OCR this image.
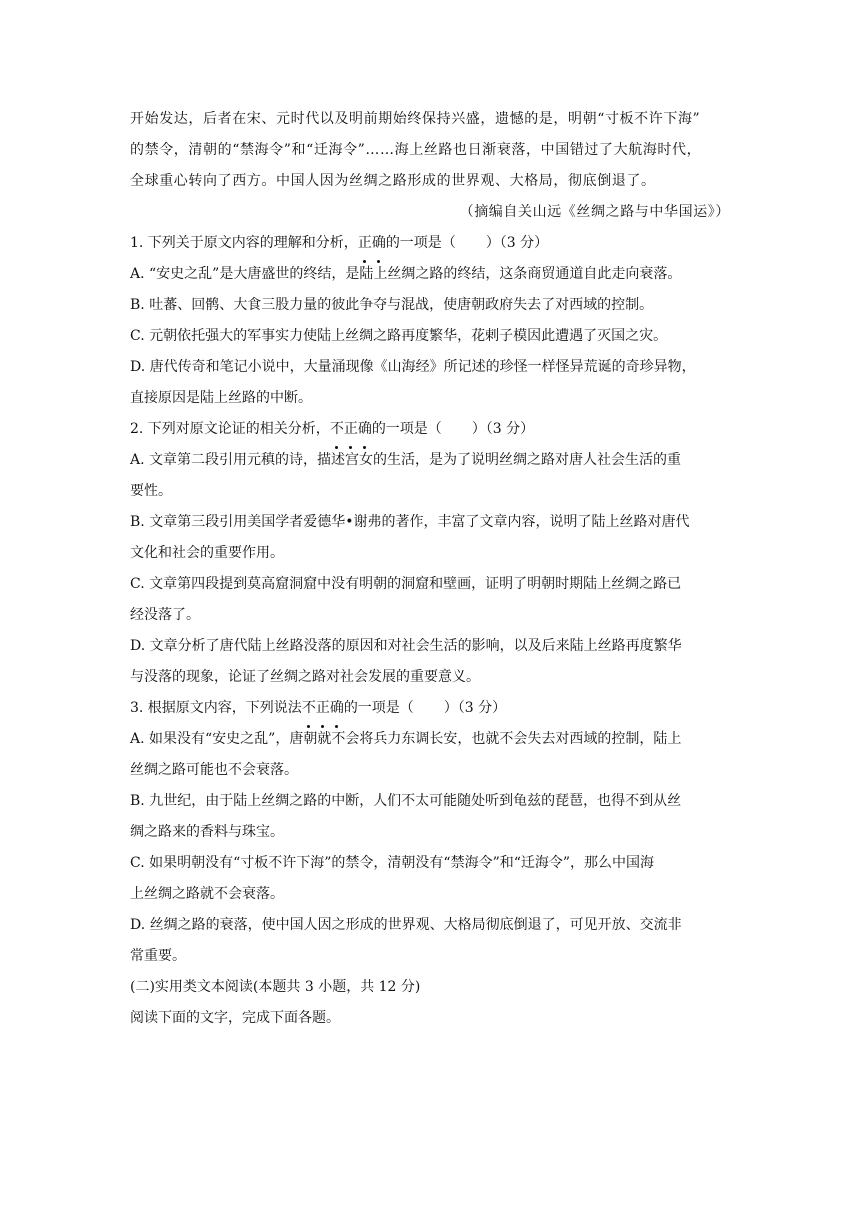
开始发达，后者在宋、元时代以及明前期始终保持兴盛，遗憾的是，明朝“寸板不许下海”

的禁令，清朝的“禁海令”和“迁海令”……海上丝路也日渐衰落，中国错过了大航海时代，

全球重心转向了西方。中国人因为丝绸之路形成的世界观、大格局，彻底倒退了。

（摘编自关山远《丝绸之路与中华国运》）

1. 下列关于原文内容的理解和分析，正确的一项是（ ）（3 分）

A. “安史之乱”是大唐盛世的终结，是陆上丝绸之路的终结，这条商贸通道自此走向衰落。

B. 吐蕃、回鹘、大食三股力量的彼此争夺与混战，使唐朝政府失去了对西域的控制。

C. 元朝依托强大的军事实力使陆上丝绸之路再度繁华，花剌子模因此遭遇了灭国之灾。

D. 唐代传奇和笔记小说中，大量涌现像《山海经》所记述的珍怪一样怪异荒诞的奇珍异物，

直接原因是陆上丝路的中断。

2. 下列对原文论证的相关分析，不正确的一项是（ ）（3 分）

A. 文章第二段引用元稹的诗，描述宫女的生活，是为了说明丝绸之路对唐人社会生活的重

要性。

B. 文章第三段引用美国学者爱德华•谢弗的著作，丰富了文章内容，说明了陆上丝路对唐代

文化和社会的重要作用。

C. 文章第四段提到莫高窟洞窟中没有明朝的洞窟和壁画，证明了明朝时期陆上丝绸之路已

经没落了。

D. 文章分析了唐代陆上丝路没落的原因和对社会生活的影响，以及后来陆上丝路再度繁华

与没落的现象，论证了丝绸之路对社会发展的重要意义。

3. 根据原文内容，下列说法不正确的一项是（ ）（3 分）

A. 如果没有“安史之乱”，唐朝就不会将兵力东调长安，也就不会失去对西域的控制，陆上

丝绸之路可能也不会衰落。

B. 九世纪，由于陆上丝绸之路的中断，人们不太可能随处听到龟兹的琵琶，也得不到从丝

绸之路来的香料与珠宝。

C. 如果明朝没有“寸板不许下海”的禁令，清朝没有“禁海令”和“迁海令”，那么中国海

上丝绸之路就不会衰落。

D. 丝绸之路的衰落，使中国人因之形成的世界观、大格局彻底倒退了，可见开放、交流非

常重要。

(二)实用类文本阅读(本题共 3 小题，共 12 分)

阅读下面的文字，完成下面各题。
